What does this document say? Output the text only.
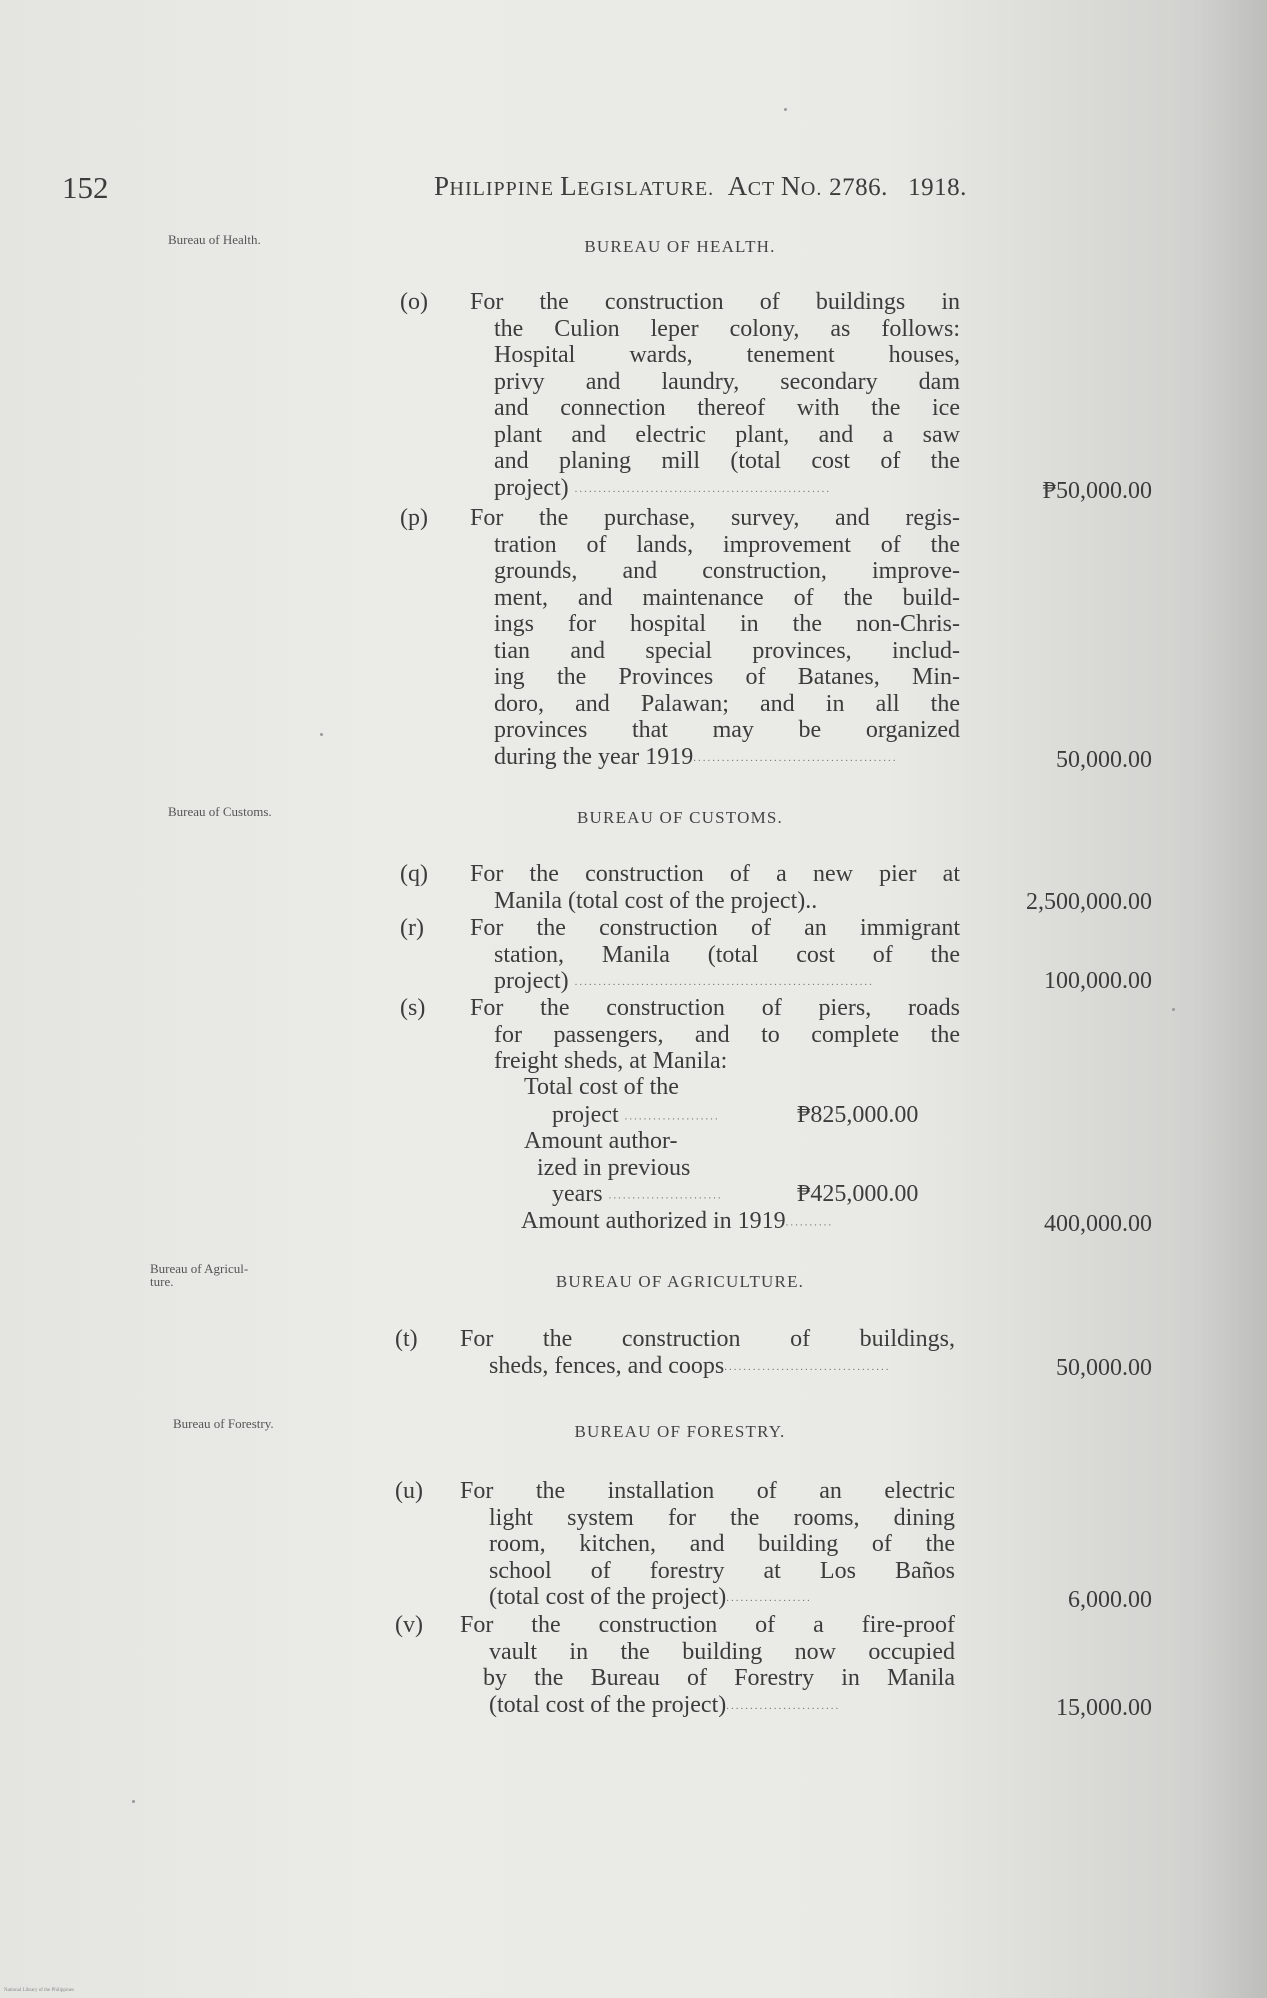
152	PHILIPPINE LEGISLATURE. ACT NO. 2786. 1918.
Bureau of Health.	BUREAU OF HEALTH.
(o)	For the construction of buildings in
the Culion leper colony, as follows:
Hospital wards, tenement houses,
privy and laundry, secondary dam
and connection thereof with the ice
plant and electric plant, and a saw
and planing mill (total cost of the
project) ......................................................	₱50,000.00
(p)	For the purchase, survey, and regis-
tration of lands, improvement of the
grounds, and construction, improve-
ment, and maintenance of the build-
ings for hospital in the non-Chris-
tian and special provinces, includ-
ing the Provinces of Batanes, Min-
doro, and Palawan; and in all the
provinces that may be organized
during the year 1919...........................................	50,000.00
Bureau of Customs.	BUREAU OF CUSTOMS.
(q)	For the construction of a new pier at
Manila (total cost of the project)..	2,500,000.00
(r)	For the construction of an immigrant
station, Manila (total cost of the
project) ...............................................................	100,000.00
(s)	For the construction of piers, roads
for passengers, and to complete the
freight sheds, at Manila:
Total cost of the
project ....................	₱825,000.00
Amount author-
ized in previous
years ........................	₱425,000.00
Amount authorized in 1919..........	400,000.00
Bureau of Agricul-
ture.	BUREAU OF AGRICULTURE.
(t)	For the construction of buildings,
sheds, fences, and coops...................................	50,000.00
Bureau of Forestry.	BUREAU OF FORESTRY.
(u)	For the installation of an electric
light system for the rooms, dining
room, kitchen, and building of the
school of forestry at Los Baños
(total cost of the project)..................	6,000.00
(v)	For the construction of a fire-proof
vault in the building now occupied
by the Bureau of Forestry in Manila
(total cost of the project)........................	15,000.00
National Library of the Philippines
